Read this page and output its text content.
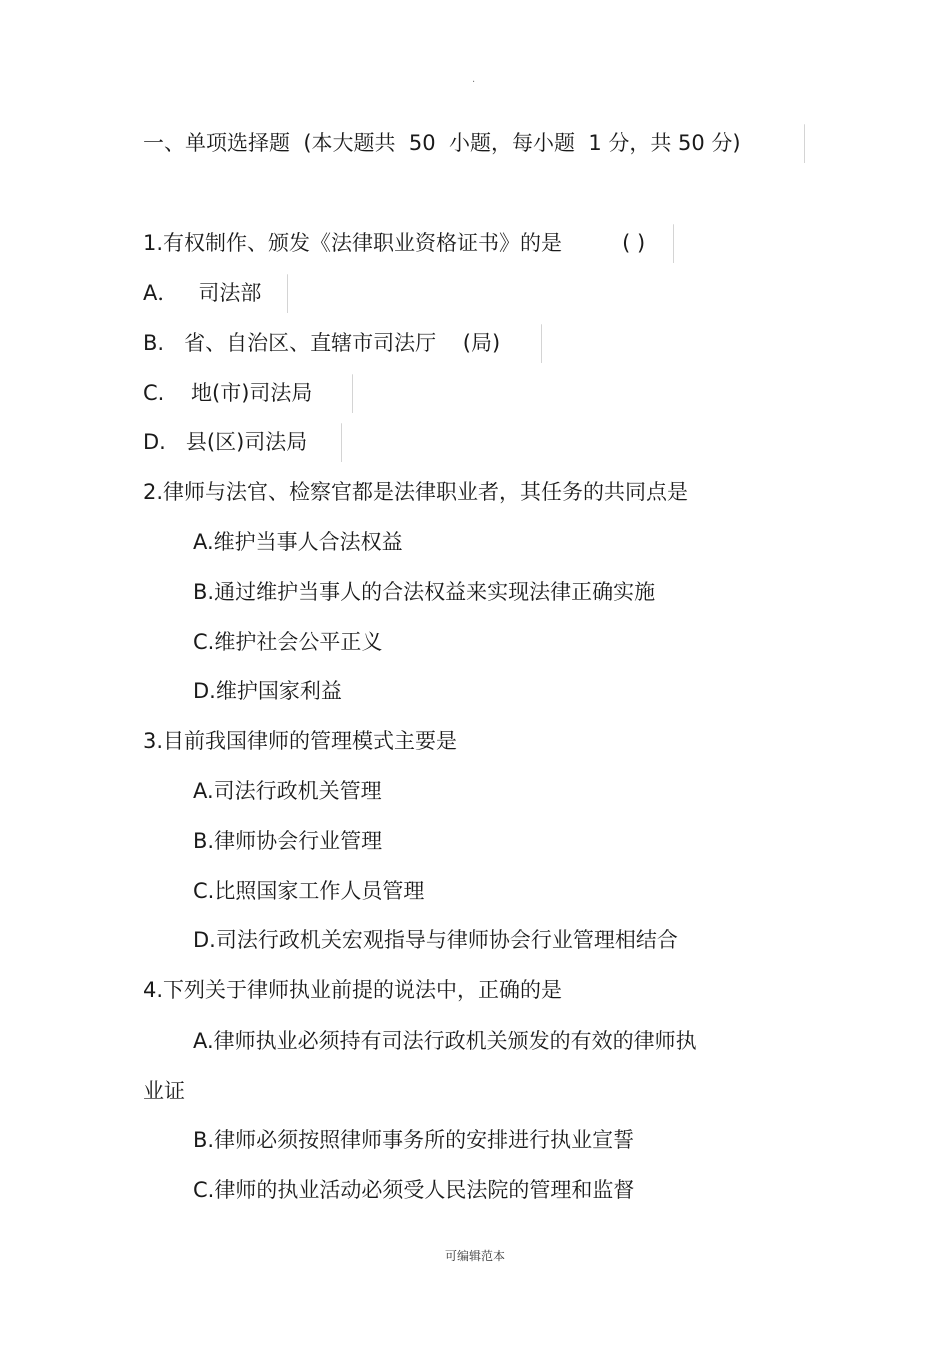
.
一、单项选择题  (本大题共  50  小题，每小题  1 分，共 50 分)
1.有权制作、颁发《法律职业资格证书》的是         ( )
A．   司法部
B.   省、自治区、直辖市司法厅    (局)
C.    地(市)司法局
D.   县(区)司法局
2.律师与法官、检察官都是法律职业者，其任务的共同点是
A.维护当事人合法权益
B.通过维护当事人的合法权益来实现法律正确实施
C.维护社会公平正义
D.维护国家利益
3.目前我国律师的管理模式主要是
A.司法行政机关管理
B.律师协会行业管理
C.比照国家工作人员管理
D.司法行政机关宏观指导与律师协会行业管理相结合
4.下列关于律师执业前提的说法中，正确的是
A.律师执业必须持有司法行政机关颁发的有效的律师执
业证
B.律师必须按照律师事务所的安排进行执业宣誓
C.律师的执业活动必须受人民法院的管理和监督
可编辑范本
